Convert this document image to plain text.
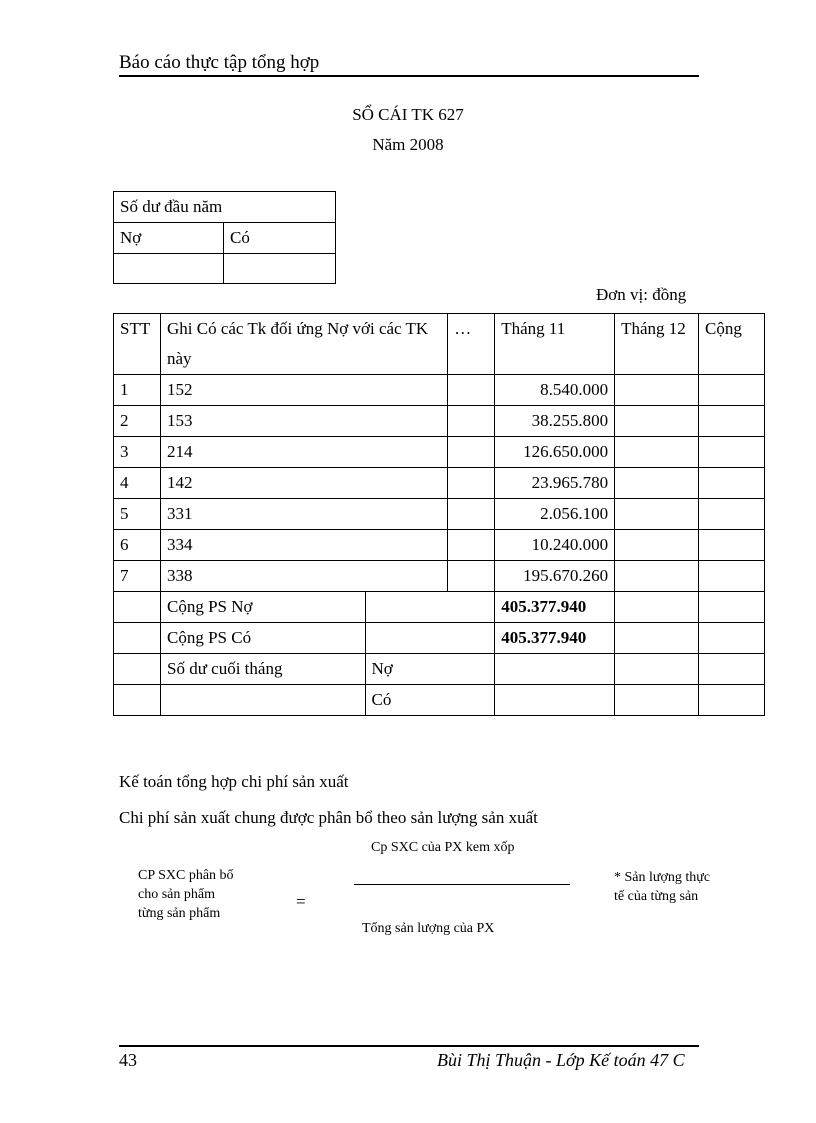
Báo cáo thực tập tổng hợp
SỔ CÁI TK 627
Năm 2008
Số dư đầu năm	
Nợ	Có

Đơn vị: đồng
STT	Ghi Có các Tk đối ứng Nợ với các TK này		…	Tháng 11	Tháng 12	Cộng
1	152			8.540.000		
2	153			38.255.800		
3	214			126.650.000		
4	142			23.965.780		
5	331			2.056.100		
6	334			10.240.000		
7	338			195.670.260		
	Cộng PS Nợ			405.377.940		
	Cộng PS Có			405.377.940		
	Số dư cuối tháng	Nợ				
		Có				
Kế toán tổng hợp chi phí sản xuất
Chi phí sản xuất chung được phân bổ theo sản lượng sản xuất
CP SXC phân bổ
cho sản phẩm
từng sản phẩm
=
Cp SXC của PX kem xốp
Tổng sản lượng của PX
* Sản lượng thực
tế của từng sản
43	Bùi Thị Thuận - Lớp Kế toán 47 C
